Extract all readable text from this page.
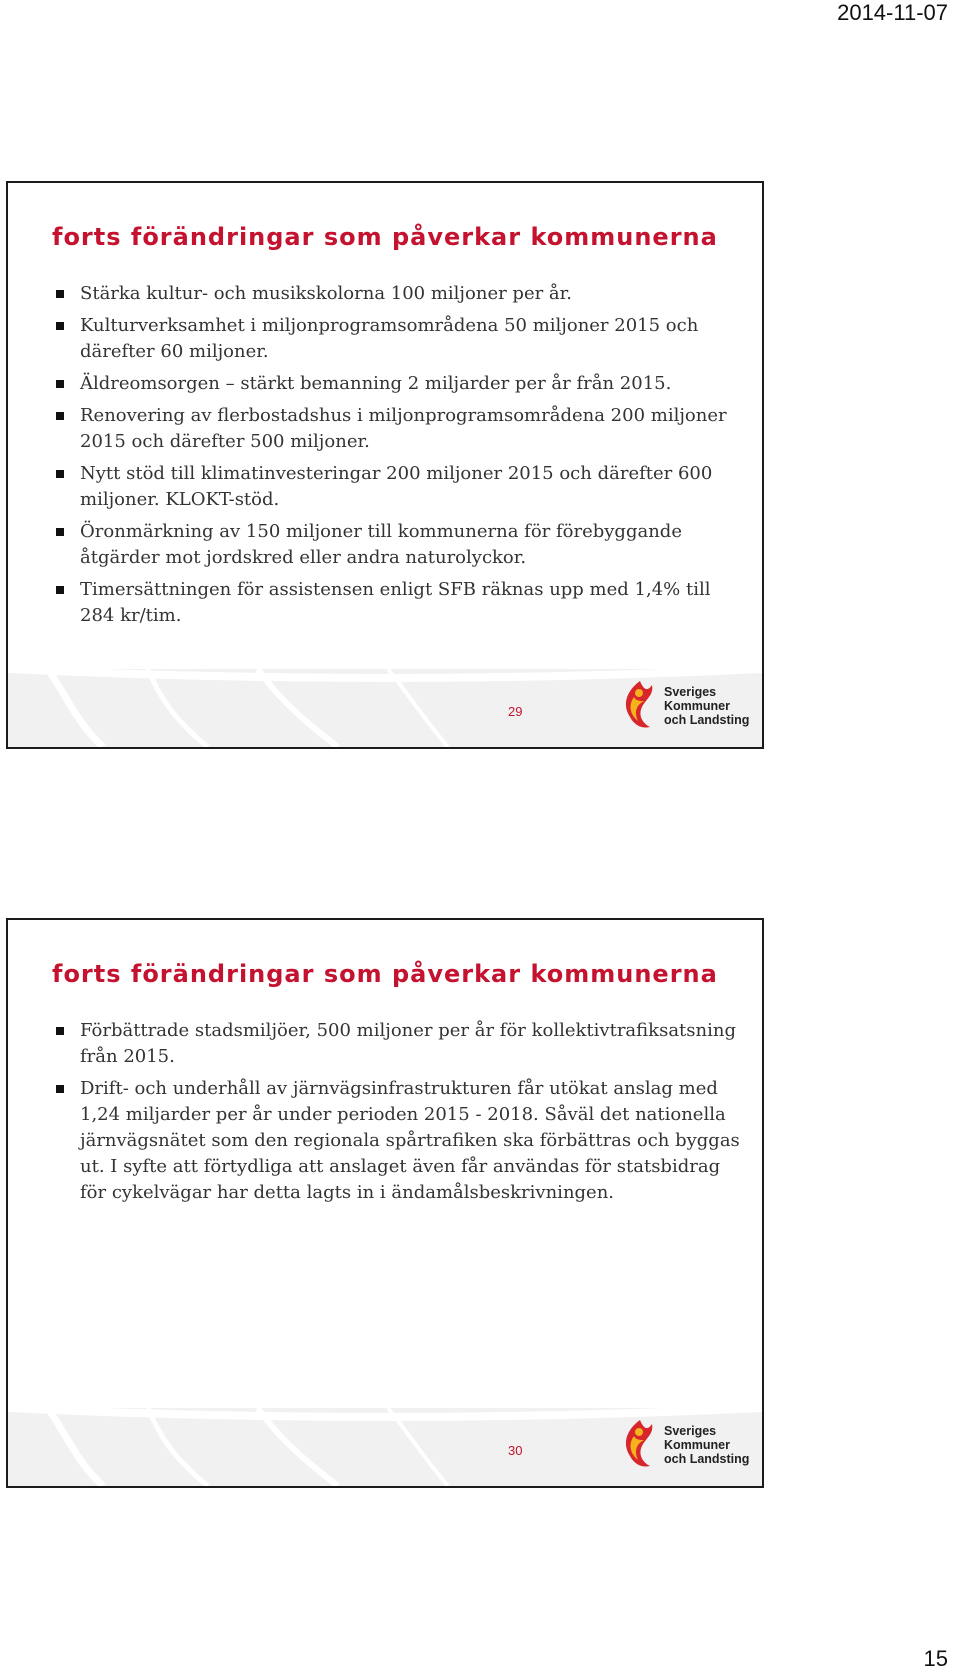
2014-11-07
forts förändringar som påverkar kommunerna
Stärka kultur- och musikskolorna 100 miljoner per år.
Kulturverksamhet i miljonprogramsområdena 50 miljoner 2015 och därefter 60 miljoner.
Äldreomsorgen – stärkt bemanning 2 miljarder per år från 2015.
Renovering av flerbostadshus i miljonprogramsområdena 200 miljoner 2015 och därefter 500 miljoner.
Nytt stöd till klimatinvesteringar 200 miljoner 2015 och därefter 600 miljoner. KLOKT-stöd.
Öronmärkning av 150 miljoner till kommunerna för förebyggande åtgärder mot jordskred eller andra naturolyckor.
Timersättningen för assistensen enligt SFB räknas upp med 1,4% till 284 kr/tim.
29
Sveriges
Kommuner
och Landsting
forts förändringar som påverkar kommunerna
Förbättrade stadsmiljöer, 500 miljoner per år för kollektivtrafiksatsning från 2015.
Drift- och underhåll av järnvägsinfrastrukturen får utökat anslag med 1,24 miljarder per år under perioden 2015 - 2018. Såväl det nationella järnvägsnätet som den regionala spårtrafiken ska förbättras och byggas ut. I syfte att förtydliga att anslaget även får användas för statsbidrag för cykelvägar har detta lagts in i ändamålsbeskrivningen.
30
Sveriges
Kommuner
och Landsting
15
